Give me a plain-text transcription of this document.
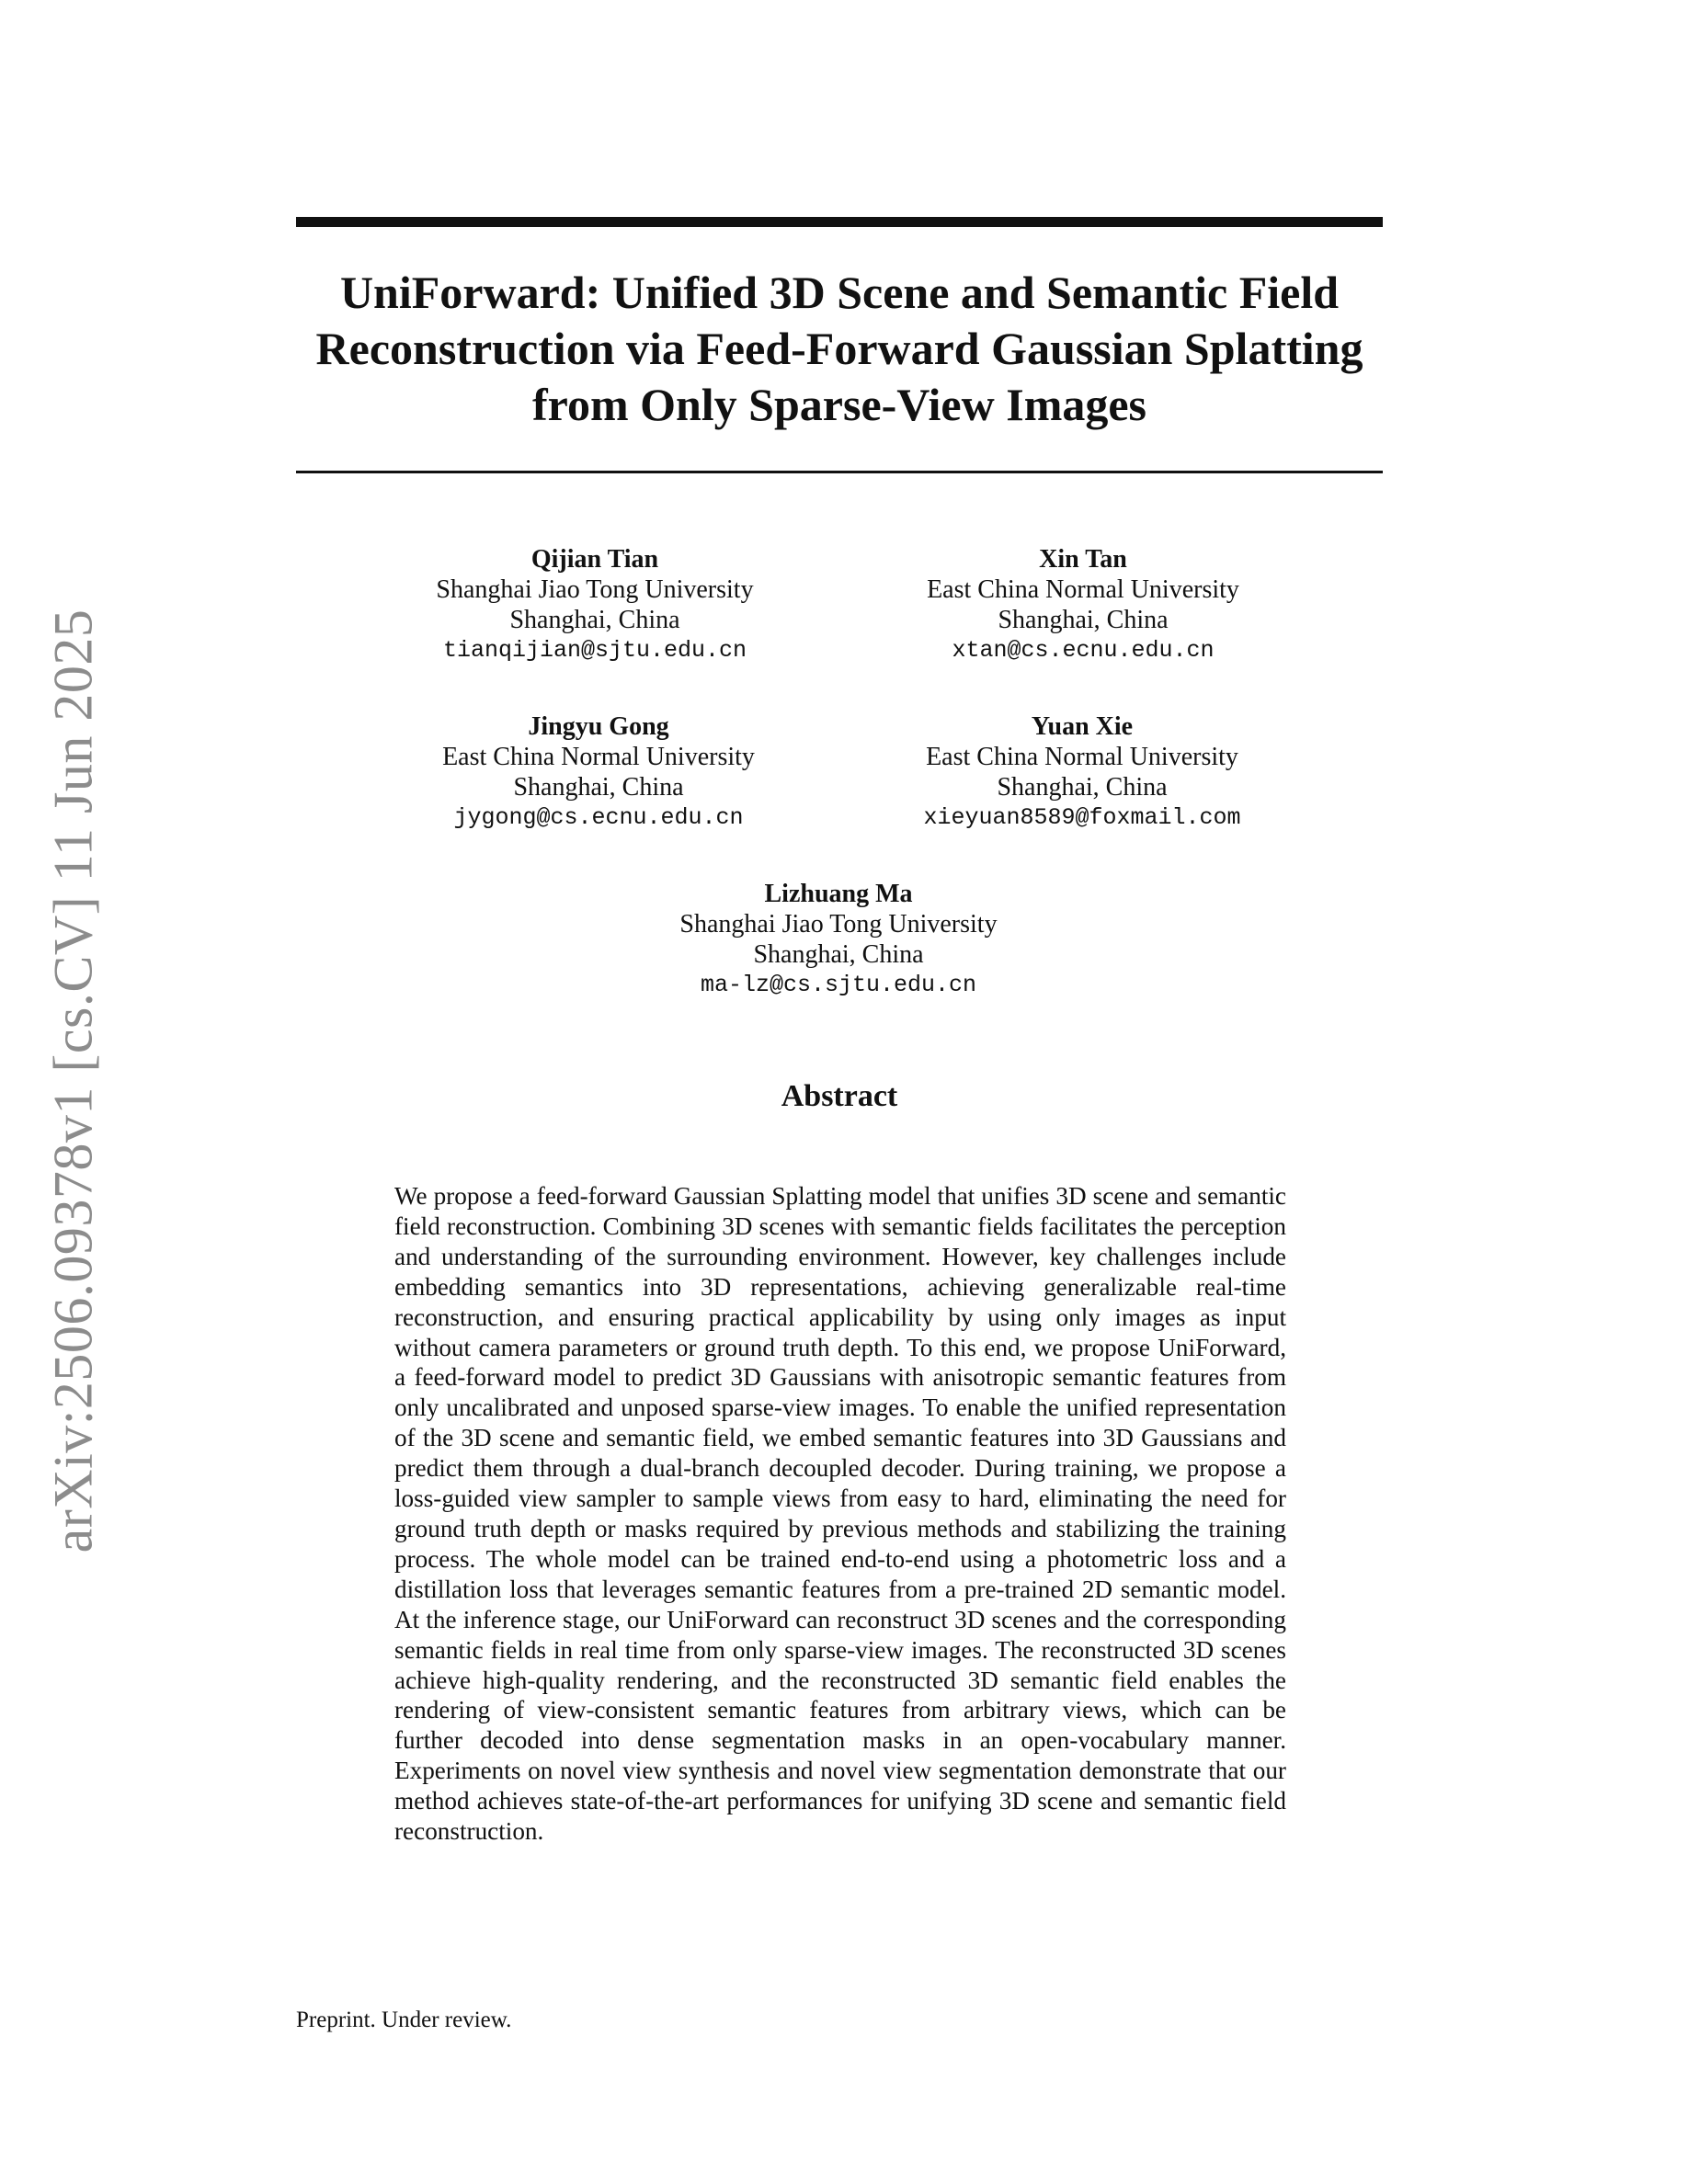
arXiv:2506.09378v1 [cs.CV] 11 Jun 2025
UniForward: Unified 3D Scene and Semantic Field
Reconstruction via Feed-Forward Gaussian Splatting
from Only Sparse-View Images
Qijian Tian
Shanghai Jiao Tong University
Shanghai, China
tianqijian@sjtu.edu.cn
Xin Tan
East China Normal University
Shanghai, China
xtan@cs.ecnu.edu.cn
Jingyu Gong
East China Normal University
Shanghai, China
jygong@cs.ecnu.edu.cn
Yuan Xie
East China Normal University
Shanghai, China
xieyuan8589@foxmail.com
Lizhuang Ma
Shanghai Jiao Tong University
Shanghai, China
ma-lz@cs.sjtu.edu.cn
Abstract

We propose a feed-forward Gaussian Splatting model that unifies 3D scene and semantic field reconstruction. Combining 3D scenes with semantic fields facilitates the perception and understanding of the surrounding environment. However, key challenges include embedding semantics into 3D representations, achieving generalizable real-time reconstruction, and ensuring practical applicability by using only images as input without camera parameters or ground truth depth. To this end, we propose UniForward, a feed-forward model to predict 3D Gaussians with anisotropic semantic features from only uncalibrated and unposed sparse-view images. To enable the unified representation of the 3D scene and semantic field, we embed semantic features into 3D Gaussians and predict them through a dual-branch decoupled decoder. During training, we propose a loss-guided view sampler to sample views from easy to hard, eliminating the need for ground truth depth or masks required by previous methods and stabilizing the training process. The whole model can be trained end-to-end using a photometric loss and a distillation loss that leverages semantic features from a pre-trained 2D semantic model. At the inference stage, our UniForward can reconstruct 3D scenes and the corresponding semantic fields in real time from only sparse-view images. The reconstructed 3D scenes achieve high-quality rendering, and the reconstructed 3D semantic field enables the rendering of view-consistent semantic features from arbitrary views, which can be further decoded into dense segmentation masks in an open-vocabulary manner. Experiments on novel view synthesis and novel view segmentation demonstrate that our method achieves state-of-the-art performances for unifying 3D scene and semantic field reconstruction.

Preprint. Under review.
